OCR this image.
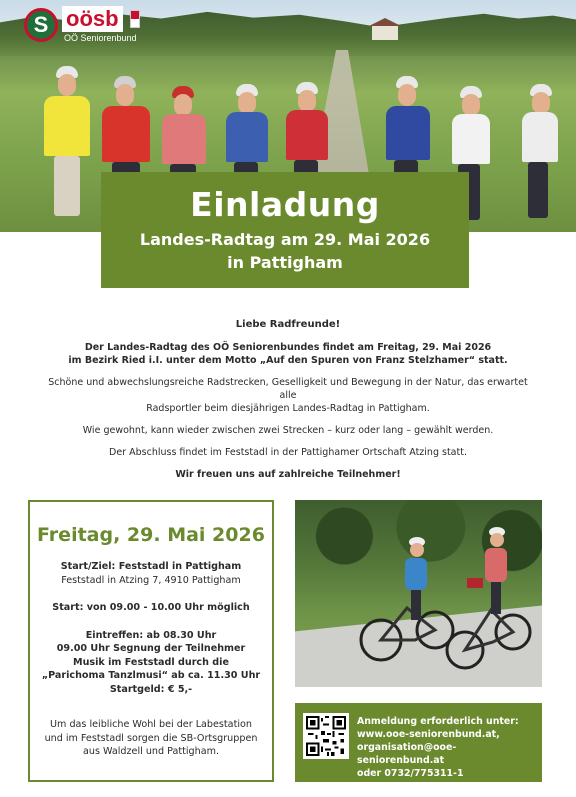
S oösb
OÖ Seniorenbund
Einladung
Landes-Radtag am 29. Mai 2026
in Pattigham
Liebe Radfreunde!
Der Landes-Radtag des OÖ Seniorenbundes findet am Freitag, 29. Mai 2026
im Bezirk Ried i.I. unter dem Motto „Auf den Spuren von Franz Stelzhamer“ statt.
Schöne und abwechslungsreiche Radstrecken, Geselligkeit und Bewegung in der Natur, das erwartet alle
Radsportler beim diesjährigen Landes-Radtag in Pattigham.
Wie gewohnt, kann wieder zwischen zwei Strecken – kurz oder lang – gewählt werden.
Der Abschluss findet im Feststadl in der Pattighamer Ortschaft Atzing statt.
Wir freuen uns auf zahlreiche Teilnehmer!
Freitag, 29. Mai 2026
Start/Ziel: Feststadl in Pattigham
Feststadl in Atzing 7, 4910 Pattigham
Start: von 09.00 - 10.00 Uhr möglich
Eintreffen: ab 08.30 Uhr
09.00 Uhr Segnung der Teilnehmer
Musik im Feststadl durch die
„Parichoma Tanzlmusi“ ab ca. 11.30 Uhr
Startgeld: € 5,-
Um das leibliche Wohl bei der Labestation
und im Feststadl sorgen die SB-Ortsgruppen
aus Waldzell und Pattigham.
Anmeldung erforderlich unter:
www.ooe-seniorenbund.at,
organisation@ooe-seniorenbund.at
oder 0732/775311-1
